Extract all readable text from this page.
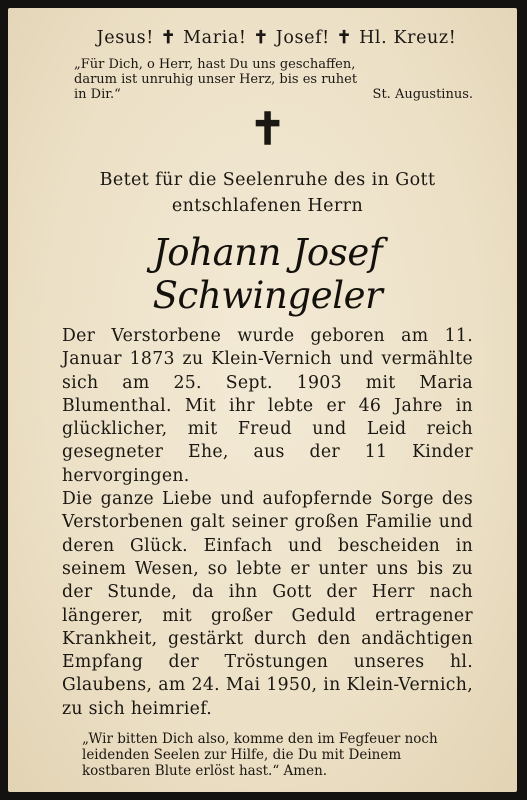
Jesus! ✝ Maria! ✝ Josef! ✝ Hl. Kreuz!

„Für Dich, o Herr, hast Du uns geschaffen,
darum ist unruhig unser Herz, bis es ruhet
in Dir.“	St. Augustinus.
✝
Betet für die Seelenruhe des in Gott
entschlafenen Herrn
Johann Josef Schwingeler

Der Verstorbene wurde geboren am 11. Januar 1873 zu Klein-Vernich und vermählte sich am 25. Sept. 1903 mit Maria Blumenthal. Mit ihr lebte er 46 Jahre in glücklicher, mit Freud und Leid reich gesegneter Ehe, aus der 11 Kinder hervorgingen.

Die ganze Liebe und aufopfernde Sorge des Verstorbenen galt seiner großen Familie und deren Glück. Einfach und bescheiden in seinem Wesen, so lebte er unter uns bis zu der Stunde, da ihn Gott der Herr nach längerer, mit großer Geduld ertragener Krankheit, gestärkt durch den andächtigen Empfang der Tröstungen unseres hl. Glaubens, am 24. Mai 1950, in Klein-Vernich, zu sich heimrief.

„Wir bitten Dich also, komme den im Fegfeuer noch leidenden Seelen zur Hilfe, die Du mit Deinem kostbaren Blute erlöst hast.“ Amen.
